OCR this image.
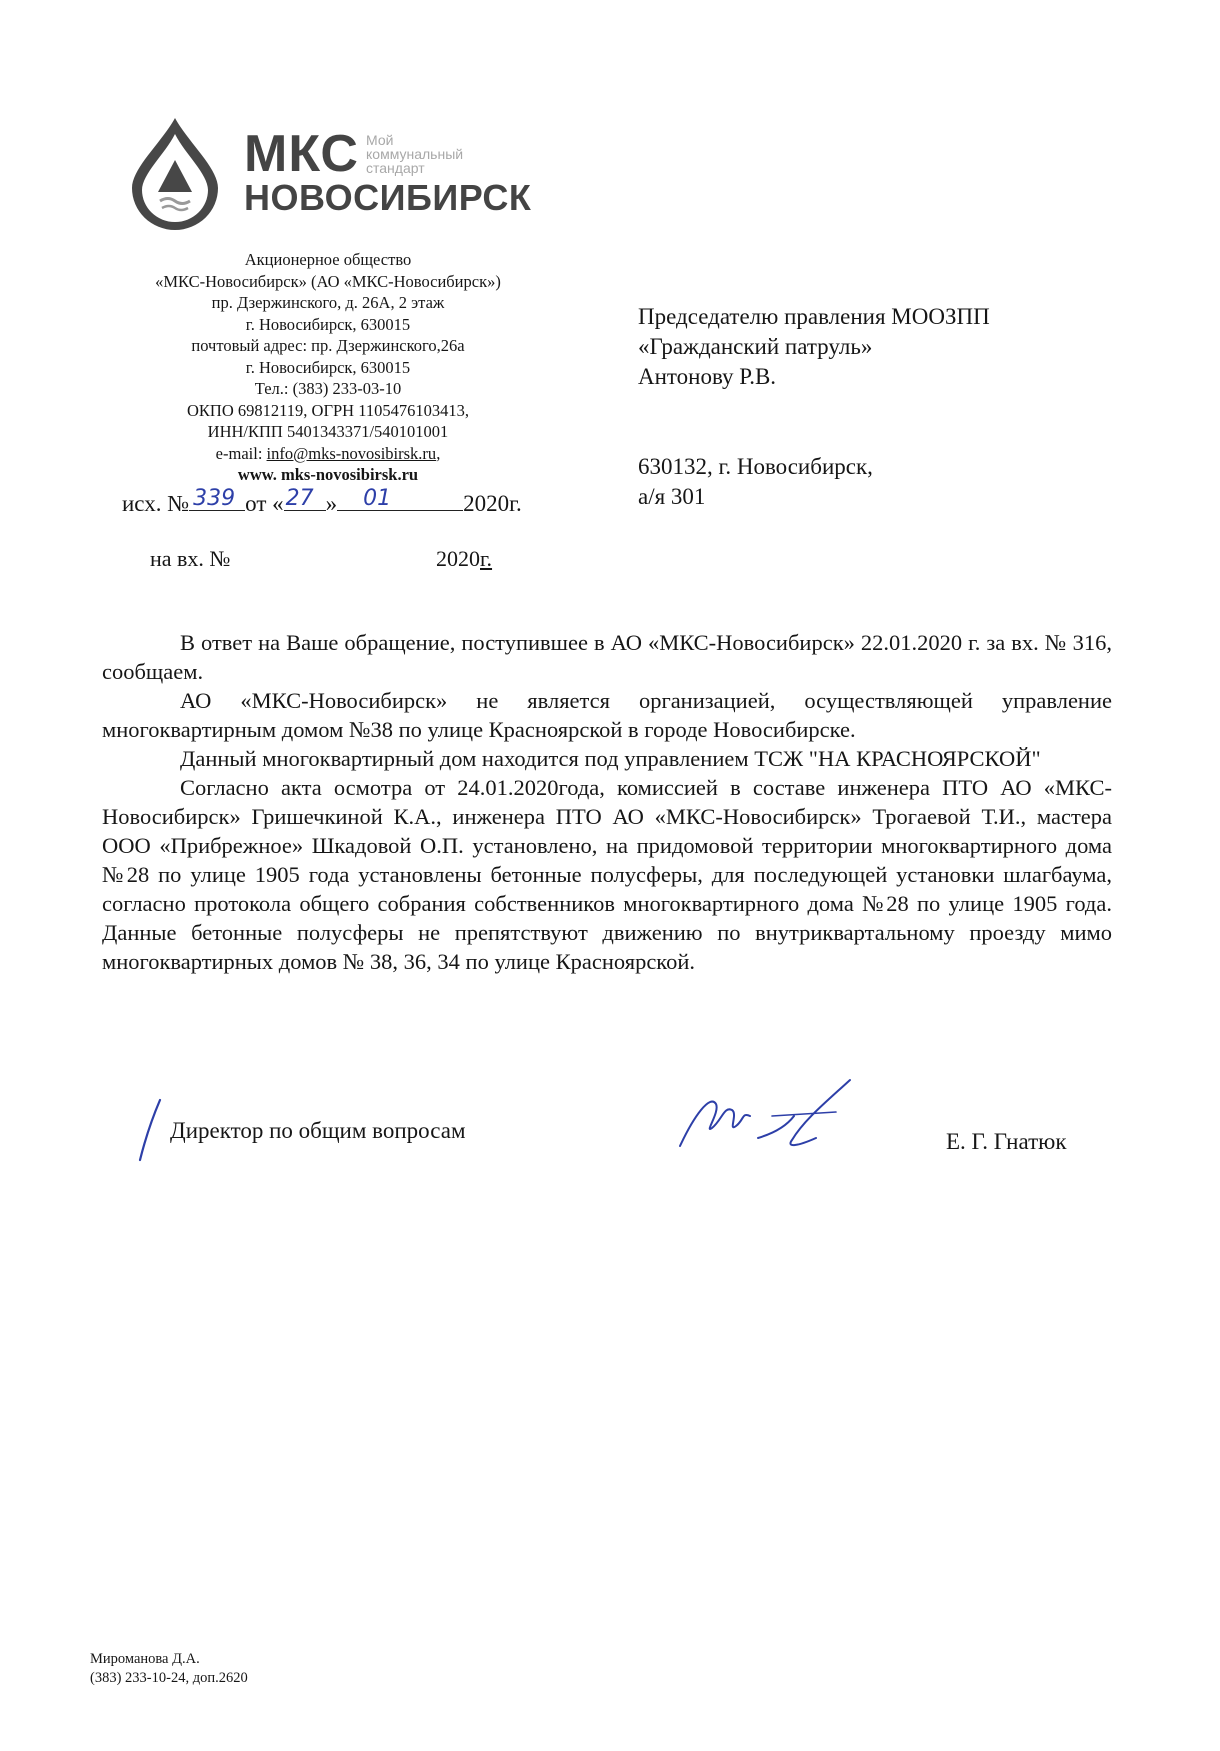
МКС Мой
коммунальный
стандарт
НОВОСИБИРСК
Акционерное общество
«МКС-Новосибирск» (АО «МКС-Новосибирск»)
пр. Дзержинского, д. 26А, 2 этаж
г. Новосибирск, 630015
почтовый адрес: пр. Дзержинского,26а
г. Новосибирск, 630015
Тел.: (383) 233-03-10
ОКПО 69812119, ОГРН 1105476103413,
ИНН/КПП 5401343371/540101001
e-mail: info@mks-novosibirsk.ru,
www. mks-novosibirsk.ru
исх. № 339 от « 27 » 01	2020г.
на вх. №	2020г.
Председателю правления МООЗПП
«Гражданский патруль»
Антонову Р.В.
630132, г. Новосибирск,
а/я 301

В ответ на Ваше обращение, поступившее в АО «МКС-Новосибирск» 22.01.2020 г. за вх. № 316, сообщаем.

АО «МКС-Новосибирск» не является организацией, осуществляющей управление многоквартирным домом №38 по улице Красноярской в городе Новосибирске.

Данный многоквартирный дом находится под управлением ТСЖ "НА КРАСНОЯРСКОЙ"

Согласно акта осмотра от 24.01.2020года, комиссией в составе инженера ПТО АО «МКС-Новосибирск» Гришечкиной К.А., инженера ПТО АО «МКС-Новосибирск» Трогаевой Т.И., мастера ООО «Прибрежное» Шкадовой О.П. установлено, на придомовой территории многоквартирного дома №28 по улице 1905 года установлены бетонные полусферы, для последующей установки шлагбаума, согласно протокола общего собрания собственников многоквартирного дома №28 по улице 1905 года. Данные бетонные полусферы не препятствуют движению по внутриквартальному проезду мимо многоквартирных домов № 38, 36, 34 по улице Красноярской.

Директор по общим вопросам	Е. Г. Гнатюк
Мироманова Д.А.
(383) 233-10-24, доп.2620
